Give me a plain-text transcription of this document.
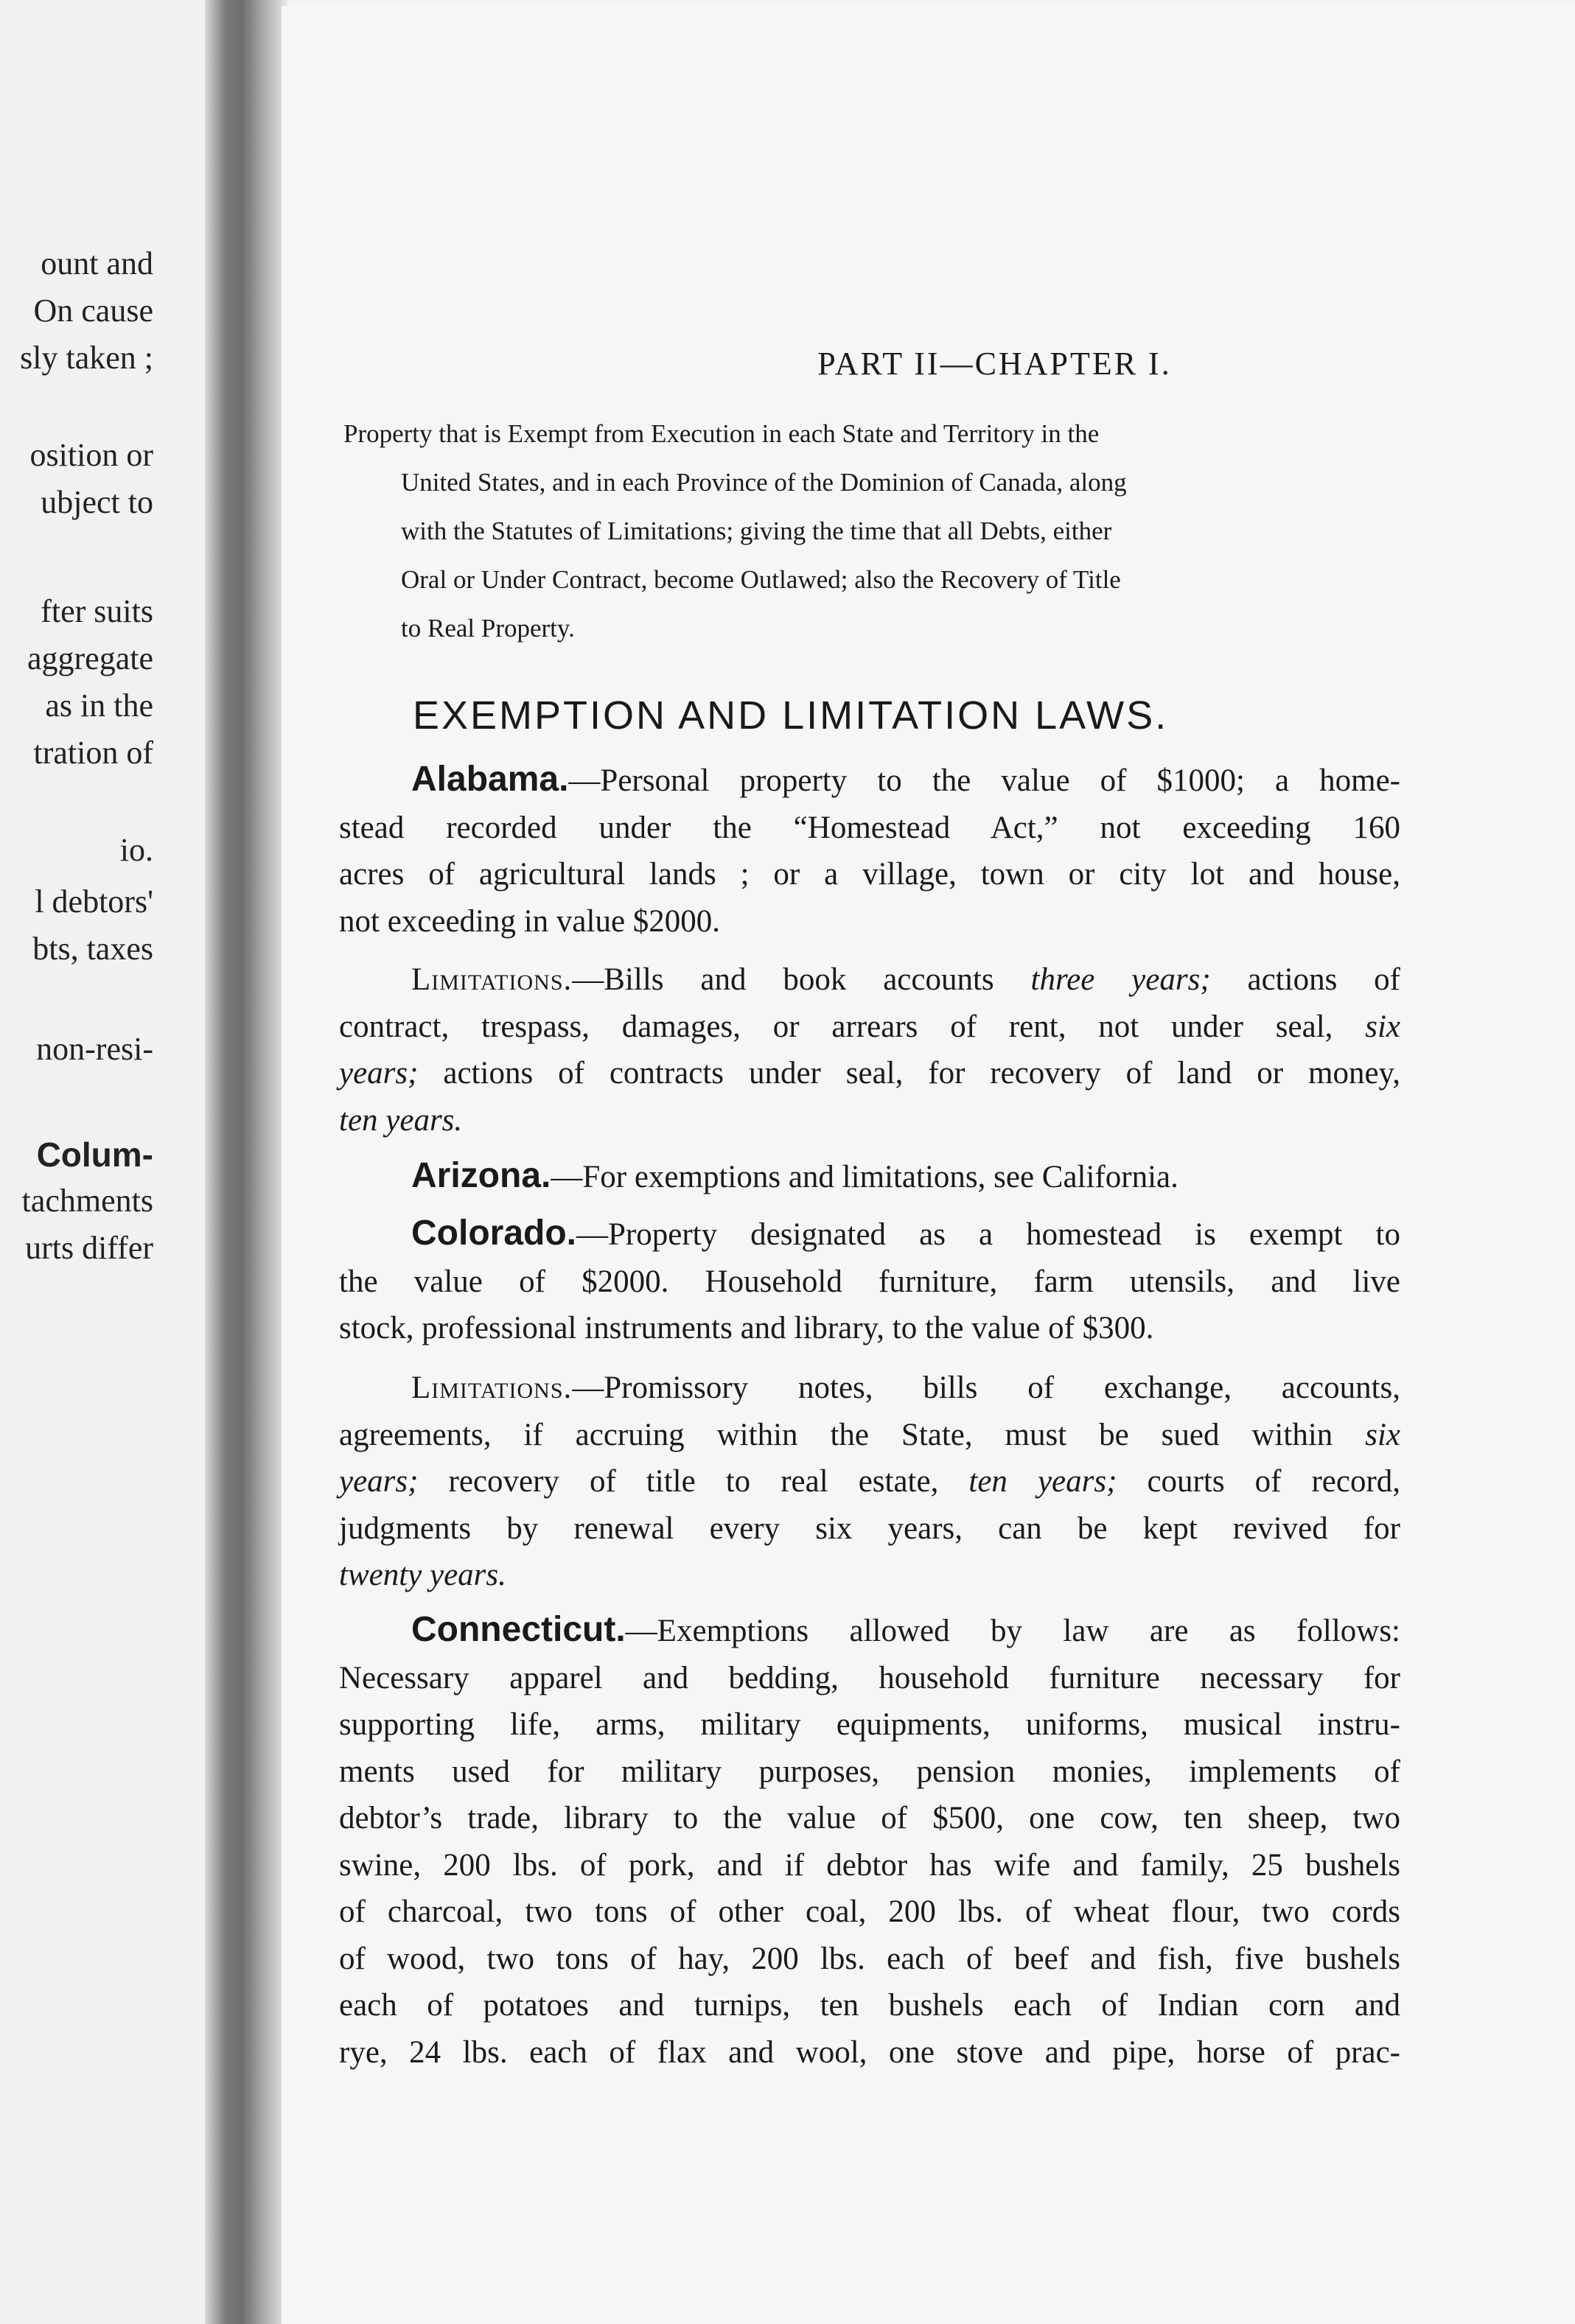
ount and
On cause
sly taken ;
osition or
ubject to
fter suits
aggregate
as in the
tration of
io.
l debtors'
bts, taxes
non-resi-
Colum-
tachments
urts differ
PART II—CHAPTER I.
Property that is Exempt from Execution in each State and Territory in the
United States, and in each Province of the Dominion of Canada, along
with the Statutes of Limitations; giving the time that all Debts, either
Oral or Under Contract, become Outlawed; also the Recovery of Title
to Real Property.
EXEMPTION AND LIMITATION LAWS.
Alabama.—Personal property to the value of $1000; a home-
stead recorded under the “Homestead Act,” not exceeding 160
acres of agricultural lands ; or a village, town or city lot and house,
not exceeding in value $2000.
Limitations.—Bills and book accounts three years; actions of
contract, trespass, damages, or arrears of rent, not under seal, six
years; actions of contracts under seal, for recovery of land or money,
ten years.
Arizona.—For exemptions and limitations, see California.
Colorado.—Property designated as a homestead is exempt to
the value of $2000. Household furniture, farm utensils, and live
stock, professional instruments and library, to the value of $300.
Limitations.—Promissory notes, bills of exchange, accounts,
agreements, if accruing within the State, must be sued within six
years; recovery of title to real estate, ten years; courts of record,
judgments by renewal every six years, can be kept revived for
twenty years.
Connecticut.—Exemptions allowed by law are as follows:
Necessary apparel and bedding, household furniture necessary for
supporting life, arms, military equipments, uniforms, musical instru-
ments used for military purposes, pension monies, implements of
debtor’s trade, library to the value of $500, one cow, ten sheep, two
swine, 200 lbs. of pork, and if debtor has wife and family, 25 bushels
of charcoal, two tons of other coal, 200 lbs. of wheat flour, two cords
of wood, two tons of hay, 200 lbs. each of beef and fish, five bushels
each of potatoes and turnips, ten bushels each of Indian corn and
rye, 24 lbs. each of flax and wool, one stove and pipe, horse of prac-
